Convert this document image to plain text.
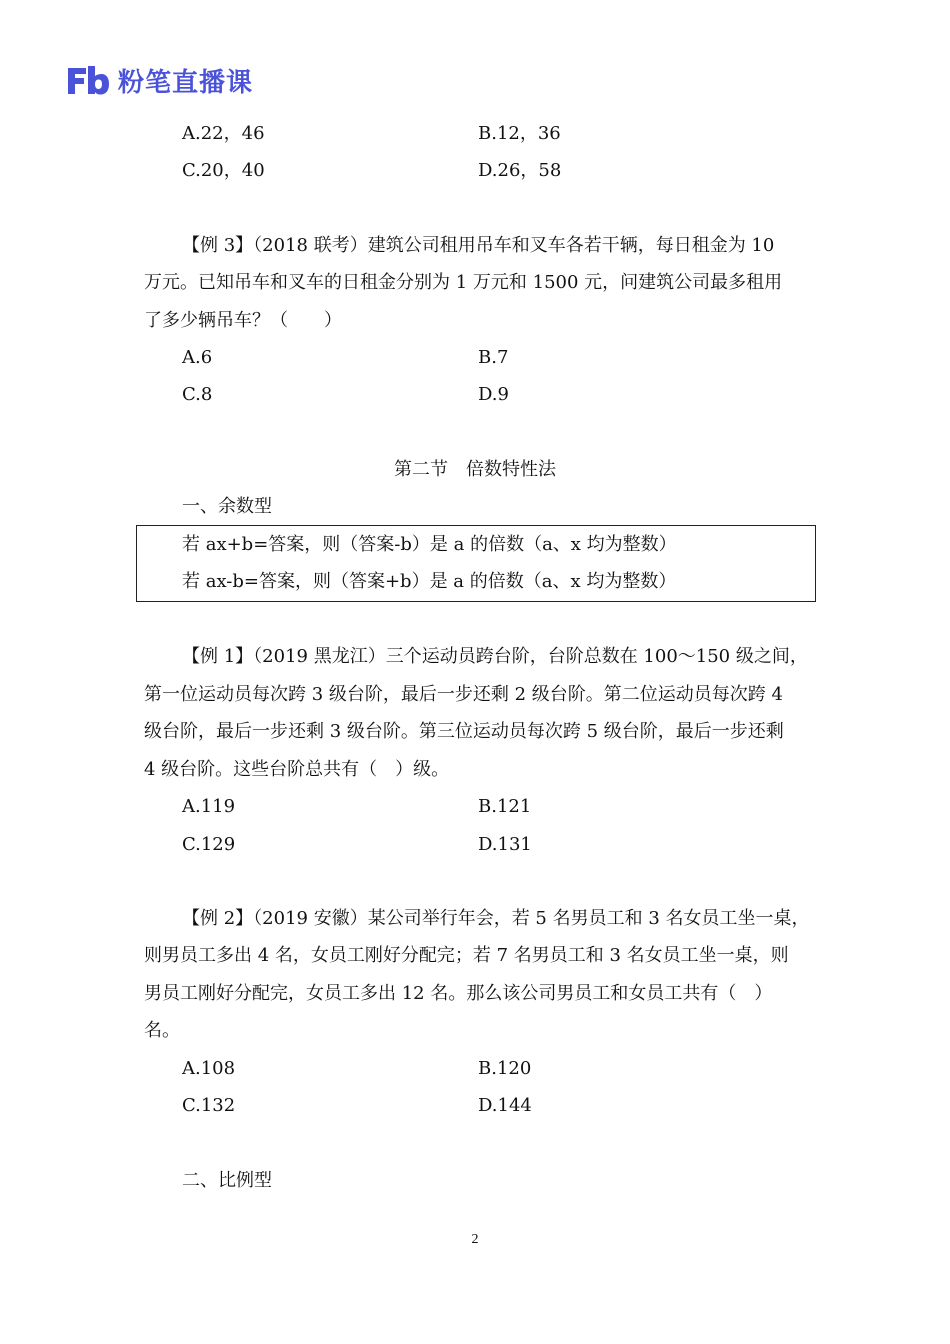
粉笔直播课
A.22，46	B.12，36
C.20，40	D.26，58
【例 3】（2018 联考）建筑公司租用吊车和叉车各若干辆，每日租金为 10
万元。已知吊车和叉车的日租金分别为 1 万元和 1500 元，问建筑公司最多租用
了多少辆吊车？（　　）
A.6	B.7
C.8	D.9
第二节　倍数特性法
一、余数型
若 ax+b=答案，则（答案-b）是 a 的倍数（a、x 均为整数）
若 ax-b=答案，则（答案+b）是 a 的倍数（a、x 均为整数）
【例 1】（2019 黑龙江）三个运动员跨台阶，台阶总数在 100～150 级之间，
第一位运动员每次跨 3 级台阶，最后一步还剩 2 级台阶。第二位运动员每次跨 4
级台阶，最后一步还剩 3 级台阶。第三位运动员每次跨 5 级台阶，最后一步还剩
4 级台阶。这些台阶总共有（　）级。
A.119	B.121
C.129	D.131
【例 2】（2019 安徽）某公司举行年会，若 5 名男员工和 3 名女员工坐一桌，
则男员工多出 4 名，女员工刚好分配完；若 7 名男员工和 3 名女员工坐一桌，则
男员工刚好分配完，女员工多出 12 名。那么该公司男员工和女员工共有（　）
名。
A.108	B.120
C.132	D.144
二、比例型
2
